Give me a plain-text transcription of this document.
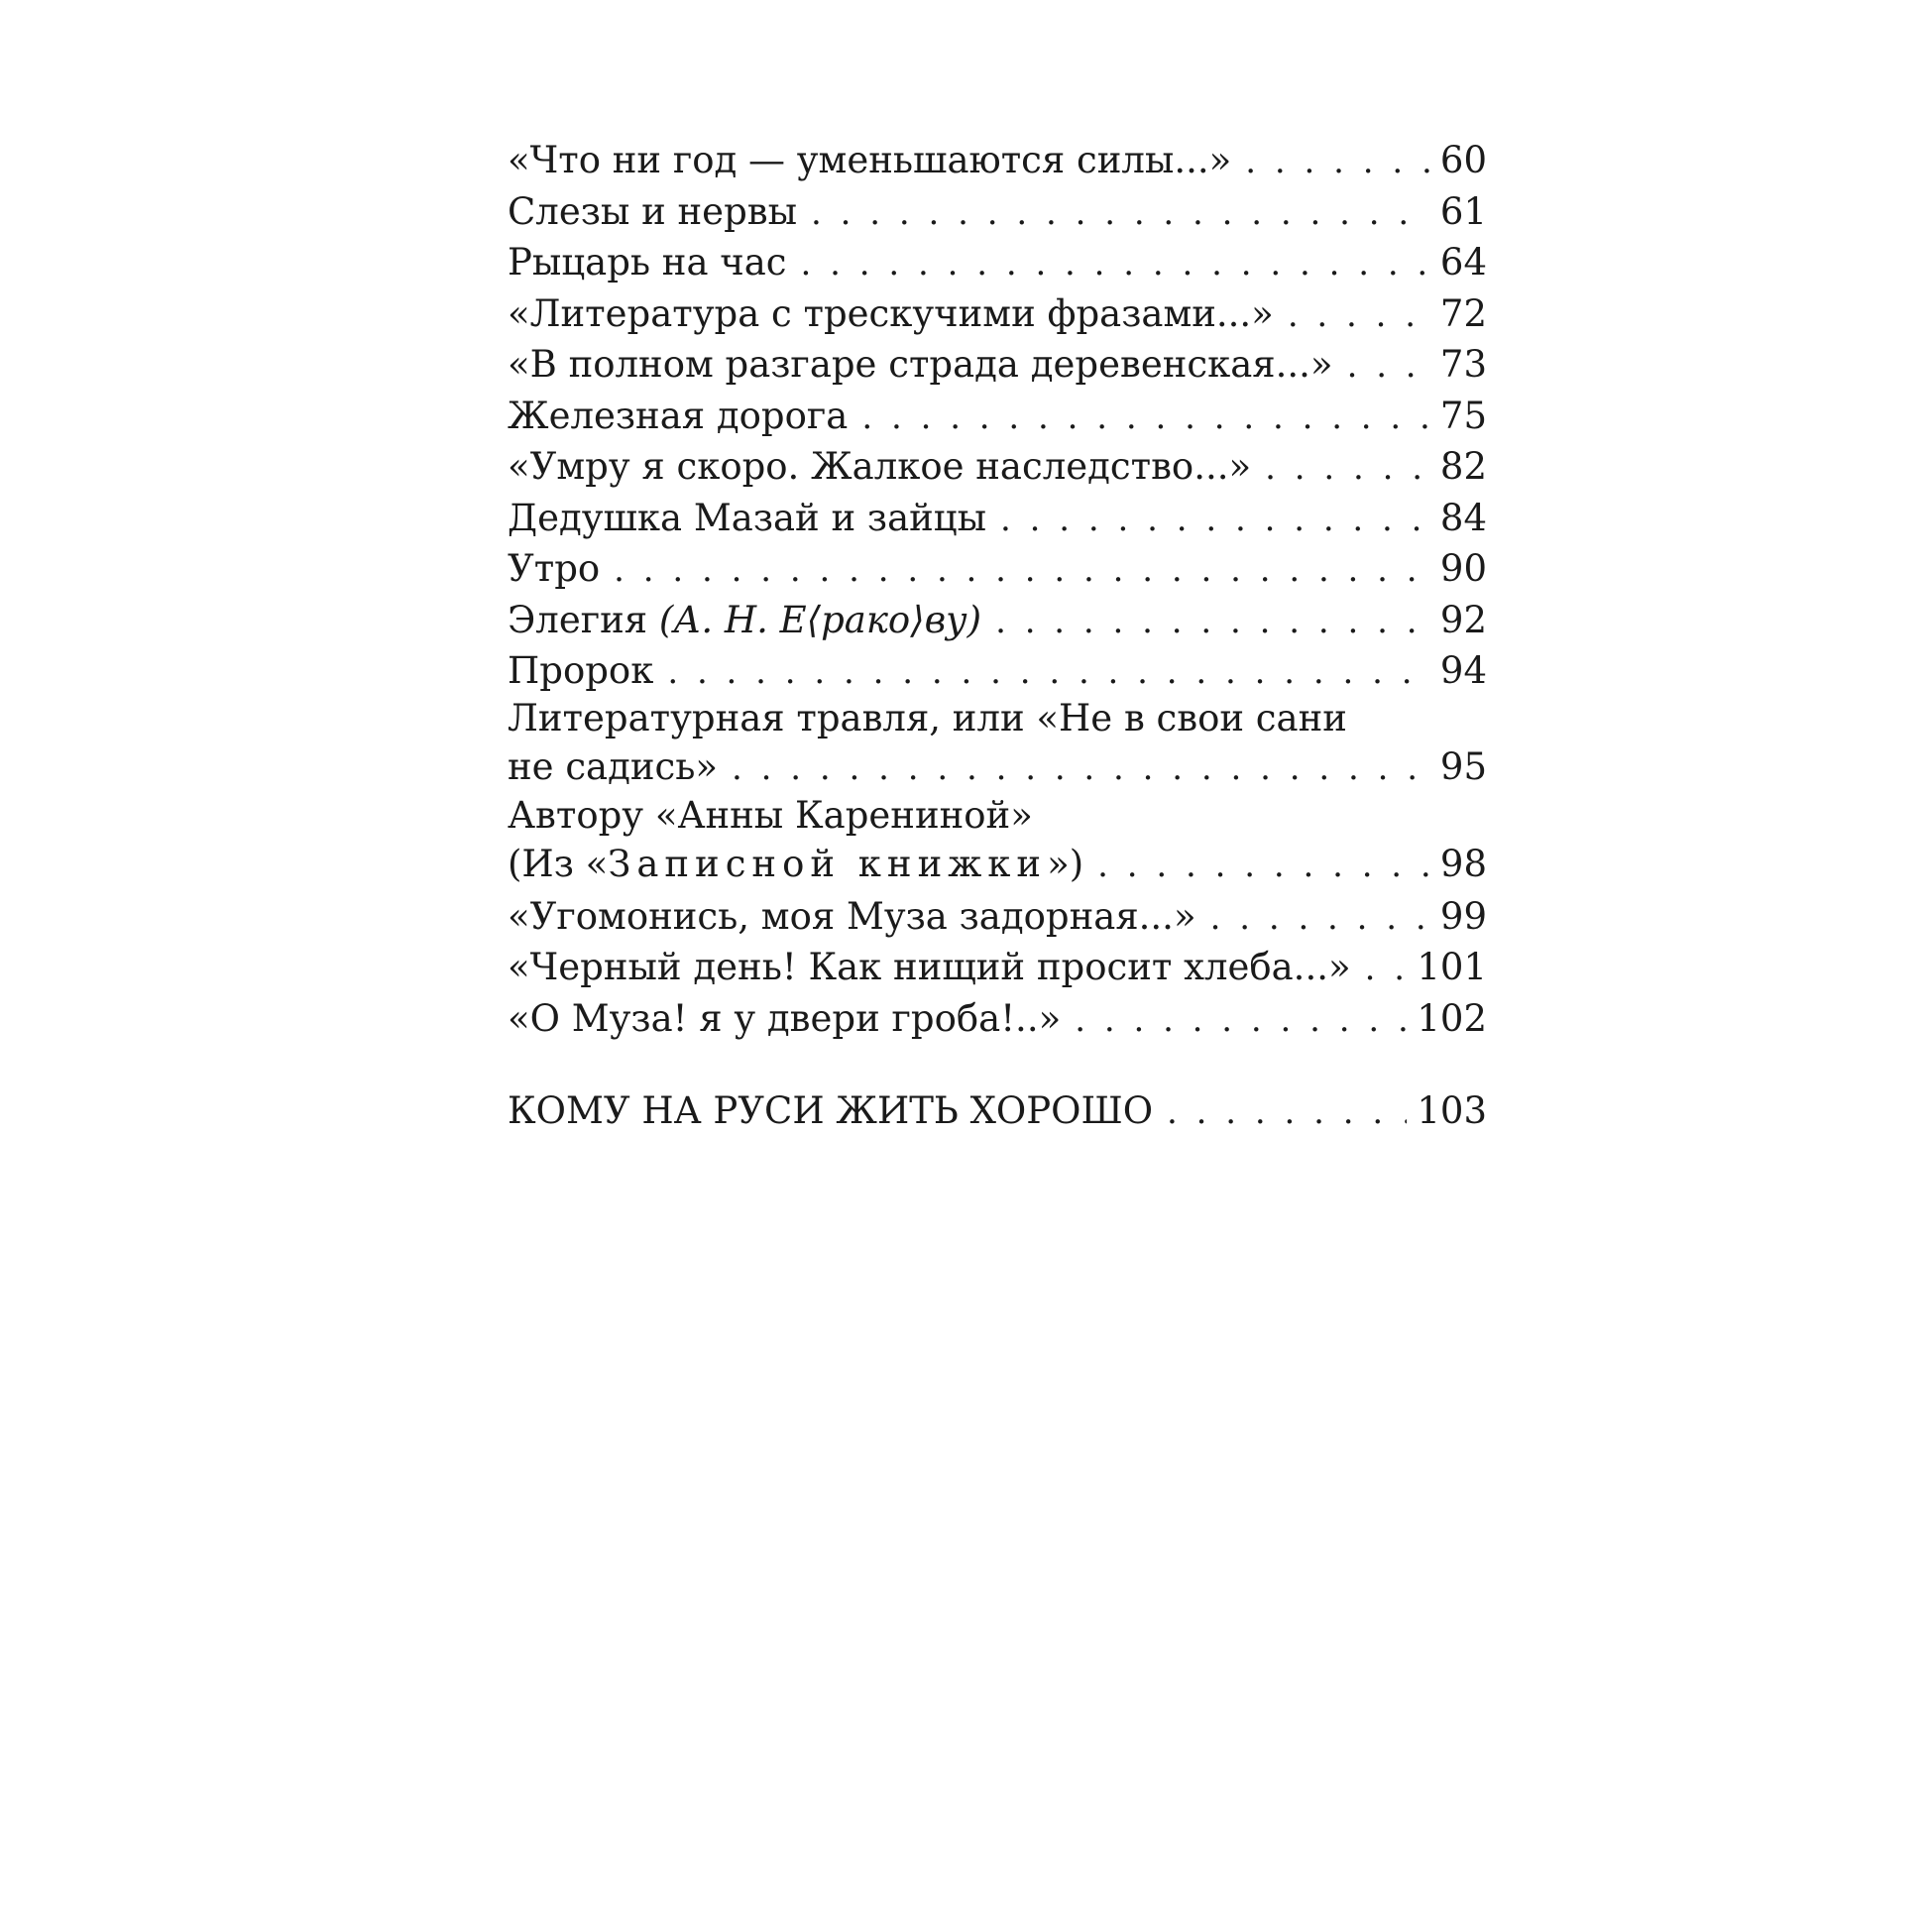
«Что ни год — уменьшаются силы...» . . .	60
Слезы и нервы . . .	61
Рыцарь на час . . .	64
«Литература с трескучими фразами...» . . .	72
«В полном разгаре страда деревенская...» . . .	73
Железная дорога . . .	75
«Умру я скоро. Жалкое наследство...» . . .	82
Дедушка Мазай и зайцы . . .	84
Утро . . .	90
Элегия (А. Н. Е⟨рако⟩ву) . . .	92
Пророк . . .	94
Литературная травля, или «Не в свои сани
не садись» . . .	95
Автору «Анны Карениной»
(Из «Записной книжки») . . .	98
«Угомонись, моя Муза задорная...» . . .	99
«Черный день! Как нищий просит хлеба...» . . .	101
«О Муза! я у двери гроба!..» . . .	102
КОМУ НА РУСИ ЖИТЬ ХОРОШО . . .	103
